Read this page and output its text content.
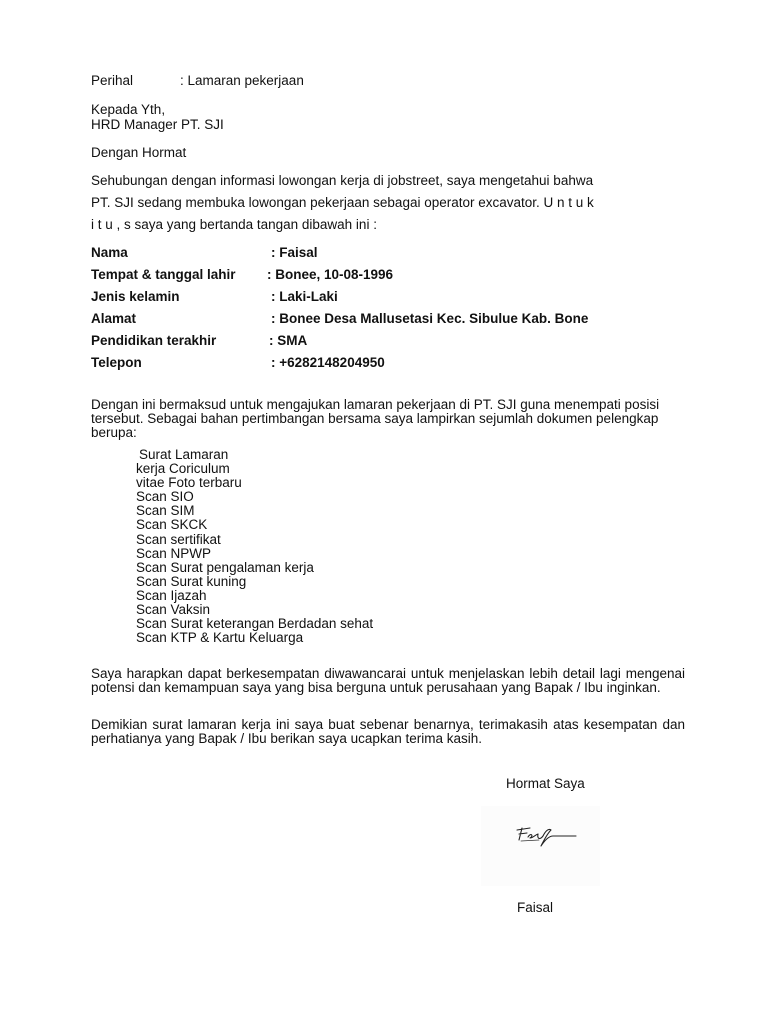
Perihal	: Lamaran pekerjaan
Kepada Yth,
HRD Manager PT. SJI
Dengan Hormat
Sehubungan dengan informasi lowongan kerja di jobstreet, saya mengetahui bahwa
PT. SJI sedang membuka lowongan pekerjaan sebagai operator excavator. U n t u k
i t u , s saya yang bertanda tangan dibawah ini :
Nama	: Faisal
Tempat & tanggal lahir : Bonee, 10-08-1996
Jenis kelamin	: Laki-Laki
Alamat	: Bonee Desa Mallusetasi Kec. Sibulue Kab. Bone
Pendidikan terakhir	: SMA
Telepon	: +6282148204950
Dengan ini bermaksud untuk mengajukan lamaran pekerjaan di PT. SJI guna menempati posisi tersebut. Sebagai bahan pertimbangan bersama saya lampirkan sejumlah dokumen pelengkap berupa:
Surat Lamaran
kerja Coriculum
vitae Foto terbaru
Scan SIO
Scan SIM
Scan SKCK
Scan sertifikat
Scan NPWP
Scan Surat pengalaman kerja
Scan Surat kuning
Scan Ijazah
Scan Vaksin
Scan Surat keterangan Berdadan sehat
Scan KTP & Kartu Keluarga
Saya harapkan dapat berkesempatan diwawancarai untuk menjelaskan lebih detail lagi mengenai potensi dan kemampuan saya yang bisa berguna untuk perusahaan yang Bapak / Ibu inginkan.
Demikian surat lamaran kerja ini saya buat sebenar benarnya, terimakasih atas kesempatan dan perhatianya yang Bapak / Ibu berikan saya ucapkan terima kasih.
Hormat Saya
Faisal
